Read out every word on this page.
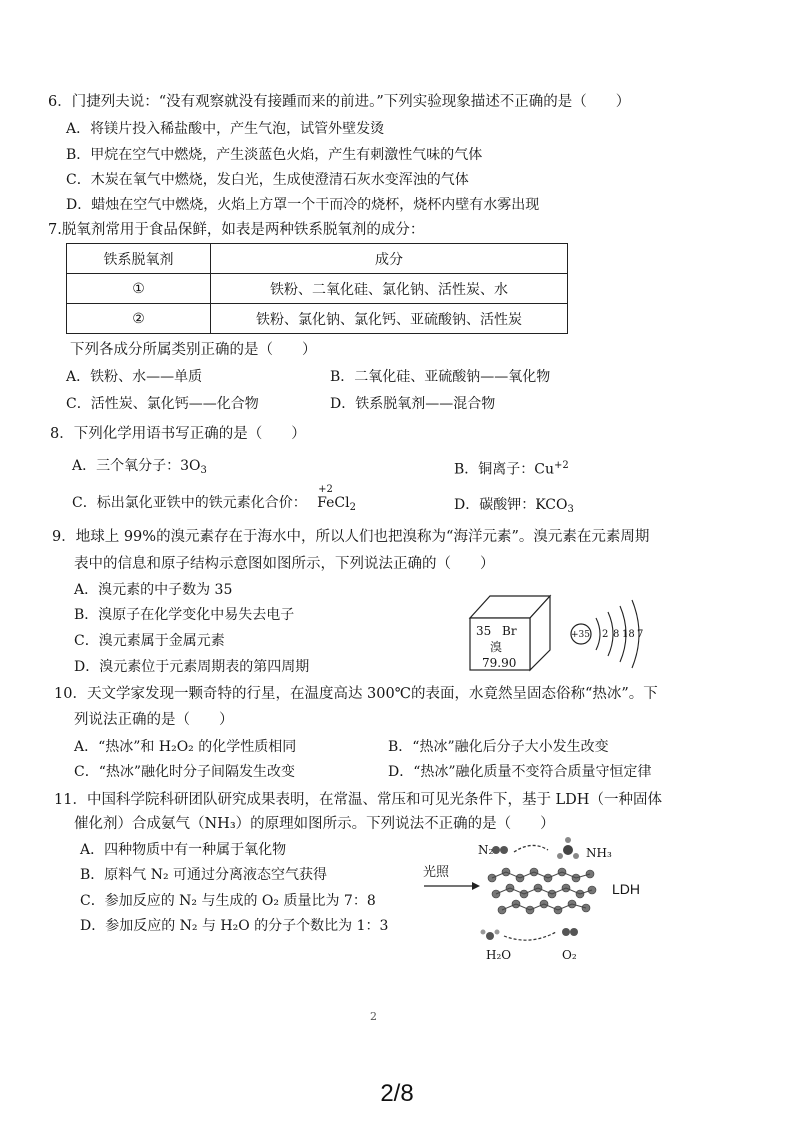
6．门捷列夫说：“没有观察就没有接踵而来的前进。”下列实验现象描述不正确的是（　　）
A．将镁片投入稀盐酸中，产生气泡，试管外壁发烫
B．甲烷在空气中燃烧，产生淡蓝色火焰，产生有刺激性气味的气体
C．木炭在氧气中燃烧，发白光，生成使澄清石灰水变浑浊的气体
D．蜡烛在空气中燃烧，火焰上方罩一个干而冷的烧杯，烧杯内壁有水雾出现
7.脱氧剂常用于食品保鲜，如表是两种铁系脱氧剂的成分：
铁系脱氧剂	成分
①	铁粉、二氧化硅、氯化钠、活性炭、水
②	铁粉、氯化钠、氯化钙、亚硫酸钠、活性炭
下列各成分所属类别正确的是（　　）
A．铁粉、水——单质	B．二氧化硅、亚硫酸钠——氧化物
C．活性炭、氯化钙——化合物	D．铁系脱氧剂——混合物
8．下列化学用语书写正确的是（　　）
A．三个氧分子：$3O_3$	B．铜离子：$Cu^{+2}$
C．标出氯化亚铁中的铁元素化合价：
+2
FeCl$_2$	D．碳酸钾：$KCO_3$
9．地球上 99%的溴元素存在于海水中，所以人们也把溴称为“海洋元素”。溴元素在元素周期
表中的信息和原子结构示意图如图所示，下列说法正确的（　　）
A．溴元素的中子数为 35
B．溴原子在化学变化中易失去电子
C．溴元素属于金属元素
D．溴元素位于元素周期表的第四周期
35 Br
溴
79.90
+35 2 8 18 7
10．天文学家发现一颗奇特的行星，在温度高达 300℃的表面，水竟然呈固态俗称“热冰”。下
列说法正确的是（　　）
A．“热冰”和 H₂O₂ 的化学性质相同	B．“热冰”融化后分子大小发生改变
C．“热冰”融化时分子间隔发生改变	D．“热冰”融化质量不变符合质量守恒定律
11．中国科学院科研团队研究成果表明，在常温、常压和可见光条件下，基于 LDH（一种固体
催化剂）合成氨气（NH₃）的原理如图所示。下列说法不正确的是（　　）
A．四种物质中有一种属于氧化物
B．原料气 N₂ 可通过分离液态空气获得
C．参加反应的 N₂ 与生成的 O₂ 质量比为 7：8
D．参加反应的 N₂ 与 H₂O 的分子个数比为 1：3
N₂	NH₃
光照
LDH
H₂O	O₂
2
2/8
